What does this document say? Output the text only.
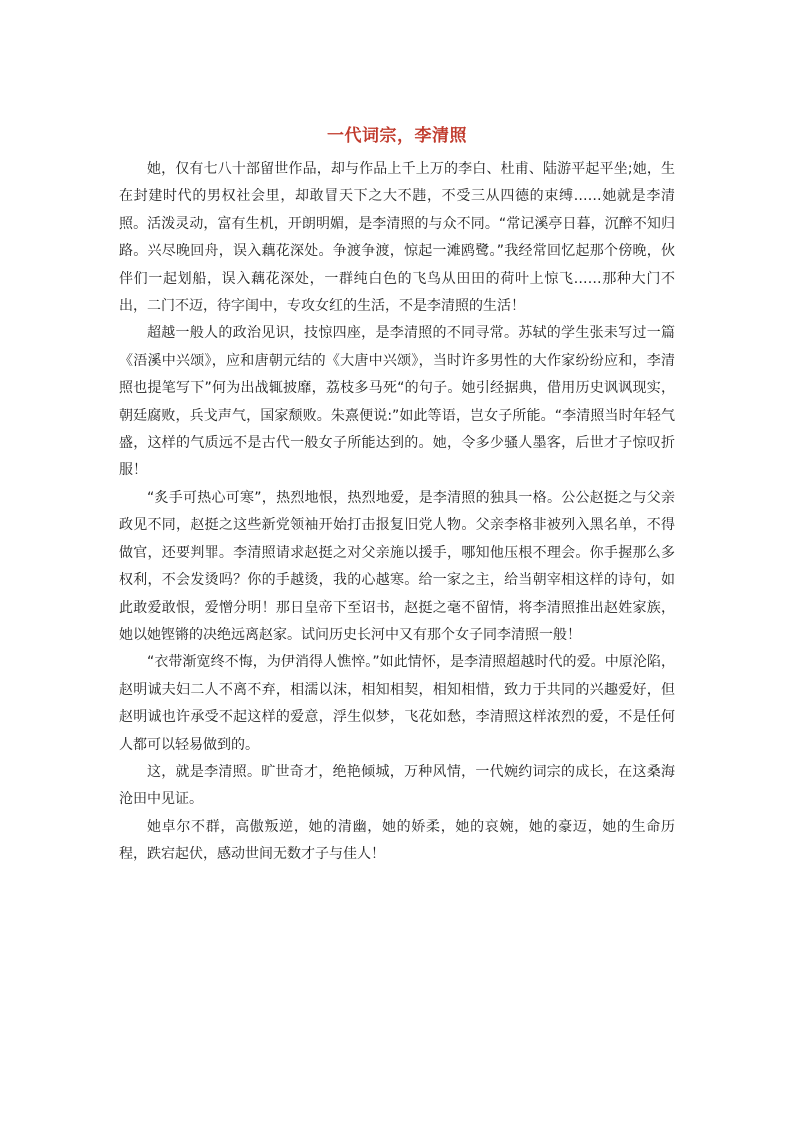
一代词宗，李清照

她，仅有七八十部留世作品，却与作品上千上万的李白、杜甫、陆游平起平坐;她，生在封建时代的男权社会里，却敢冒天下之大不韪，不受三从四德的束缚……她就是李清照。活泼灵动，富有生机，开朗明媚，是李清照的与众不同。“常记溪亭日暮，沉醉不知归路。兴尽晚回舟，误入藕花深处。争渡争渡，惊起一滩鸥鹭。”我经常回忆起那个傍晚，伙伴们一起划船，误入藕花深处，一群纯白色的飞鸟从田田的荷叶上惊飞……那种大门不出，二门不迈，待字闺中，专攻女红的生活，不是李清照的生活！

超越一般人的政治见识，技惊四座，是李清照的不同寻常。苏轼的学生张耒写过一篇《浯溪中兴颂》，应和唐朝元结的《大唐中兴颂》，当时许多男性的大作家纷纷应和，李清照也提笔写下”何为出战辄披靡，荔枝多马死“的句子。她引经据典，借用历史讽讽现实，朝廷腐败，兵戈声气，国家颓败。朱熹便说:”如此等语，岂女子所能。“李清照当时年轻气盛，这样的气质远不是古代一般女子所能达到的。她，令多少骚人墨客，后世才子惊叹折服！

“炙手可热心可寒”，热烈地恨，热烈地爱，是李清照的独具一格。公公赵挺之与父亲政见不同，赵挺之这些新党领袖开始打击报复旧党人物。父亲李格非被列入黑名单，不得做官，还要判罪。李清照请求赵挺之对父亲施以援手，哪知他压根不理会。你手握那么多权利，不会发烫吗？你的手越烫，我的心越寒。给一家之主，给当朝宰相这样的诗句，如此敢爱敢恨，爱憎分明！那日皇帝下至诏书，赵挺之毫不留情，将李清照推出赵姓家族，她以她铿锵的决绝远离赵家。试问历史长河中又有那个女子同李清照一般！

“衣带渐宽终不悔，为伊消得人憔悴。”如此情怀，是李清照超越时代的爱。中原沦陷，赵明诚夫妇二人不离不弃，相濡以沫，相知相契，相知相惜，致力于共同的兴趣爱好，但赵明诚也许承受不起这样的爱意，浮生似梦，飞花如愁，李清照这样浓烈的爱，不是任何人都可以轻易做到的。

这，就是李清照。旷世奇才，绝艳倾城，万种风情，一代婉约词宗的成长，在这桑海沧田中见证。

她卓尔不群，高傲叛逆，她的清幽，她的娇柔，她的哀婉，她的豪迈，她的生命历程，跌宕起伏，感动世间无数才子与佳人！
